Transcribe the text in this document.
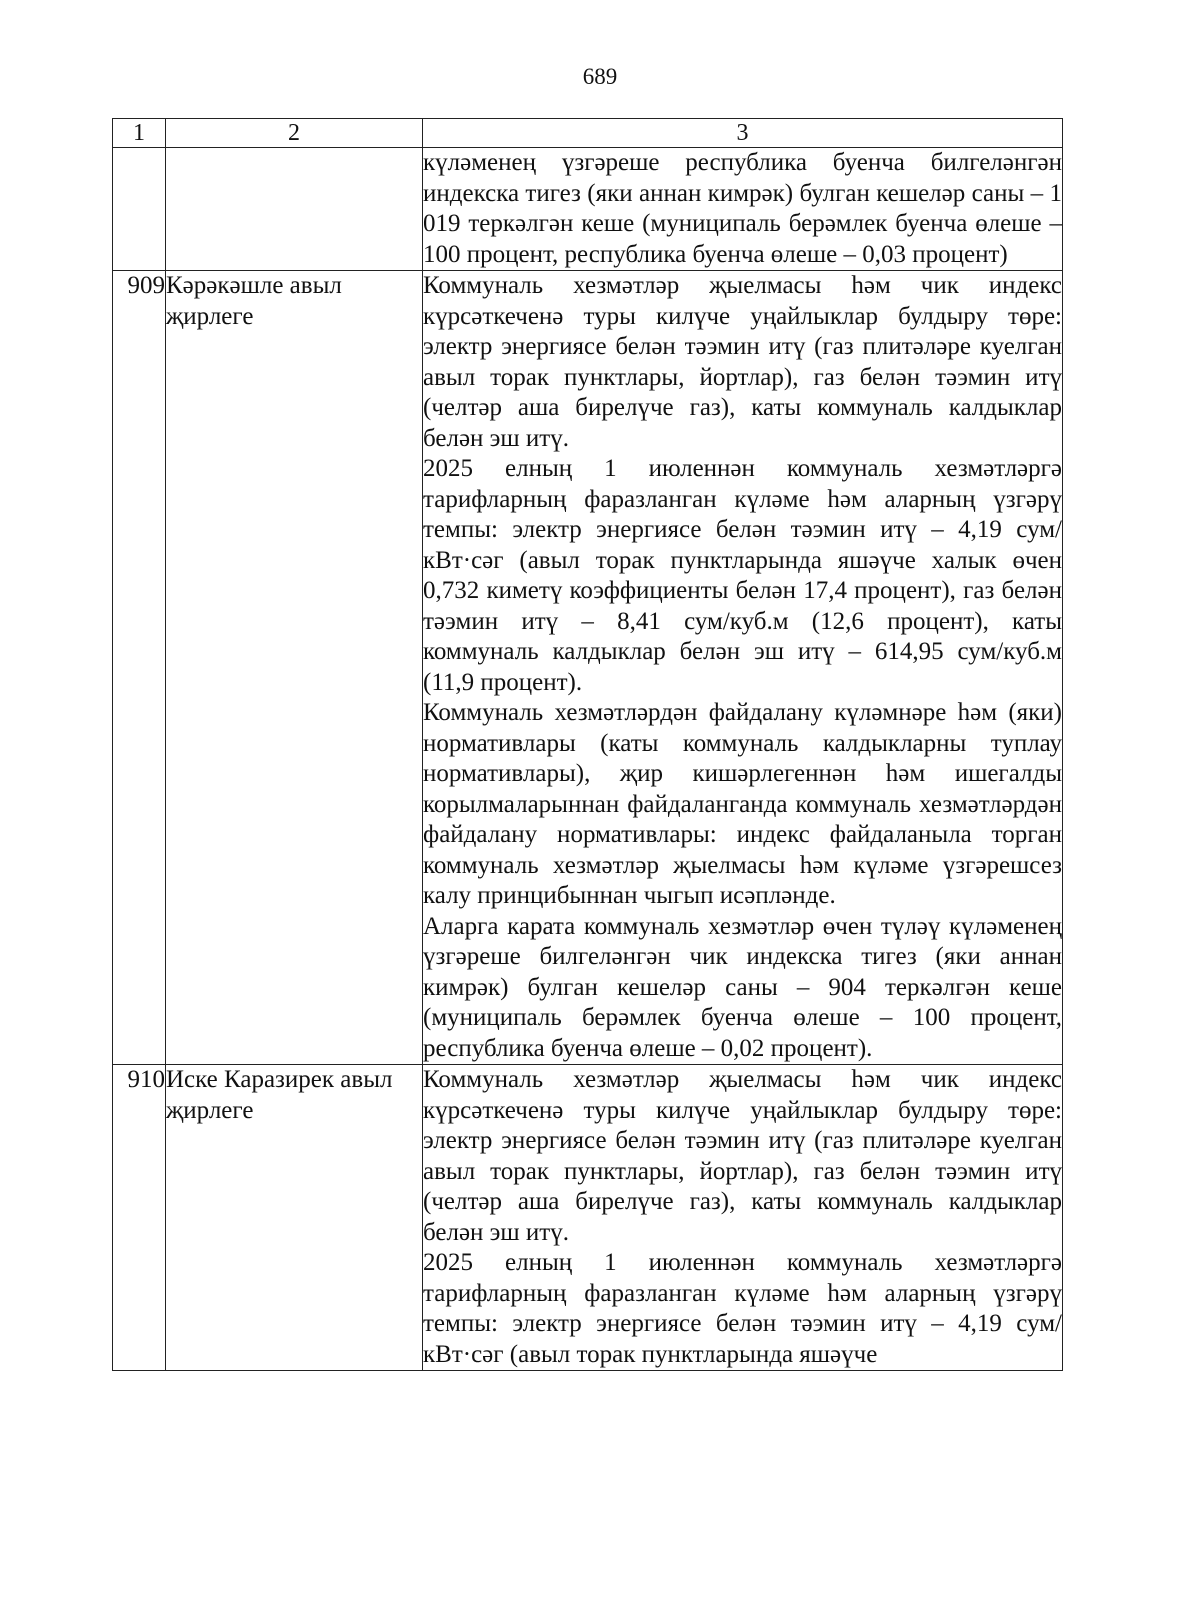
689
1	2	3

		күләменең үзгәреше республика буенча билгеләнгән индекска тигез (яки аннан кимрәк) булган кешеләр саны – 1 019 теркәлгән кеше (муниципаль берәмлек буенча өлеше – 100 процент, республика буенча өлеше – 0,03 процент)

909	Кәрәкәшле авыл җирлеге	Коммуналь хезмәтләр җыелмасы һәм чик индекс күрсәткеченә туры килүче уңайлыклар булдыру төре: электр энергиясе белән тәэмин итү (газ плитәләре куелган авыл торак пунктлары, йортлар), газ белән тәэмин итү (челтәр аша бирелүче газ), каты коммуналь калдыклар белән эш итү.

2025 елның 1 июленнән коммуналь хезмәтләргә тарифларның фаразланган күләме һәм аларның үзгәрү темпы: электр энергиясе белән тәэмин итү – 4,19 сум/кВт·сәг (авыл торак пунктларында яшәүче халык өчен 0,732 киметү коэффициенты белән 17,4 процент), газ белән тәэмин итү – 8,41 сум/куб.м (12,6 процент), каты коммуналь калдыклар белән эш итү – 614,95 сум/куб.м (11,9 процент).

Коммуналь хезмәтләрдән файдалану күләмнәре һәм (яки) нормативлары (каты коммуналь калдыкларны туплау нормативлары), җир кишәрлегеннән һәм ишегалды корылмаларыннан файдаланганда коммуналь хезмәтләрдән файдалану нормативлары: индекс файдаланыла торган коммуналь хезмәтләр җыелмасы һәм күләме үзгәрешсез калу принцибыннан чыгып исәпләнде.

Аларга карата коммуналь хезмәтләр өчен түләү күләменең үзгәреше билгеләнгән чик индекска тигез (яки аннан кимрәк) булган кешеләр саны – 904 теркәлгән кеше (муниципаль берәмлек буенча өлеше – 100 процент, республика буенча өлеше – 0,02 процент).

910	Иске Каразирек авыл җирлеге	Коммуналь хезмәтләр җыелмасы һәм чик индекс күрсәткеченә туры килүче уңайлыклар булдыру төре: электр энергиясе белән тәэмин итү (газ плитәләре куелган авыл торак пунктлары, йортлар), газ белән тәэмин итү (челтәр аша бирелүче газ), каты коммуналь калдыклар белән эш итү.

2025 елның 1 июленнән коммуналь хезмәтләргә тарифларның фаразланган күләме һәм аларның үзгәрү темпы: электр энергиясе белән тәэмин итү – 4,19 сум/кВт·сәг (авыл торак пунктларында яшәүче
